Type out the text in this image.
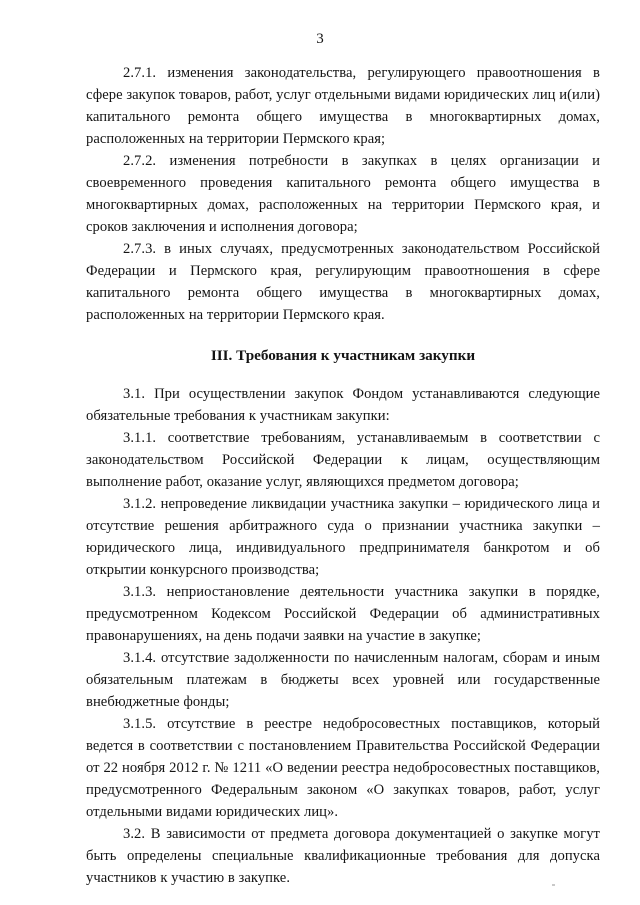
3

2.7.1. изменения законодательства, регулирующего правоотношения в сфере закупок товаров, работ, услуг отдельными видами юридических лиц и(или) капитального ремонта общего имущества в многоквартирных домах, расположенных на территории Пермского края;

2.7.2. изменения потребности в закупках в целях организации и своевременного проведения капитального ремонта общего имущества в многоквартирных домах, расположенных на территории Пермского края, и сроков заключения и исполнения договора;

2.7.3. в иных случаях, предусмотренных законодательством Российской Федерации и Пермского края, регулирующим правоотношения в сфере капитального ремонта общего имущества в многоквартирных домах, расположенных на территории Пермского края.

III. Требования к участникам закупки

3.1. При осуществлении закупок Фондом устанавливаются следующие обязательные требования к участникам закупки:

3.1.1. соответствие требованиям, устанавливаемым в соответствии с законодательством Российской Федерации к лицам, осуществляющим выполнение работ, оказание услуг, являющихся предметом договора;

3.1.2. непроведение ликвидации участника закупки – юридического лица и отсутствие решения арбитражного суда о признании участника закупки – юридического лица, индивидуального предпринимателя банкротом и об открытии конкурсного производства;

3.1.3. неприостановление деятельности участника закупки в порядке, предусмотренном Кодексом Российской Федерации об административных правонарушениях, на день подачи заявки на участие в закупке;

3.1.4. отсутствие задолженности по начисленным налогам, сборам и иным обязательным платежам в бюджеты всех уровней или государственные внебюджетные фонды;

3.1.5. отсутствие в реестре недобросовестных поставщиков, который ведется в соответствии с постановлением Правительства Российской Федерации от 22 ноября 2012 г. № 1211 «О ведении реестра недобросовестных поставщиков, предусмотренного Федеральным законом «О закупках товаров, работ, услуг отдельными видами юридических лиц».

3.2. В зависимости от предмета договора документацией о закупке могут быть определены специальные квалификационные требования для допуска участников к участию в закупке.
